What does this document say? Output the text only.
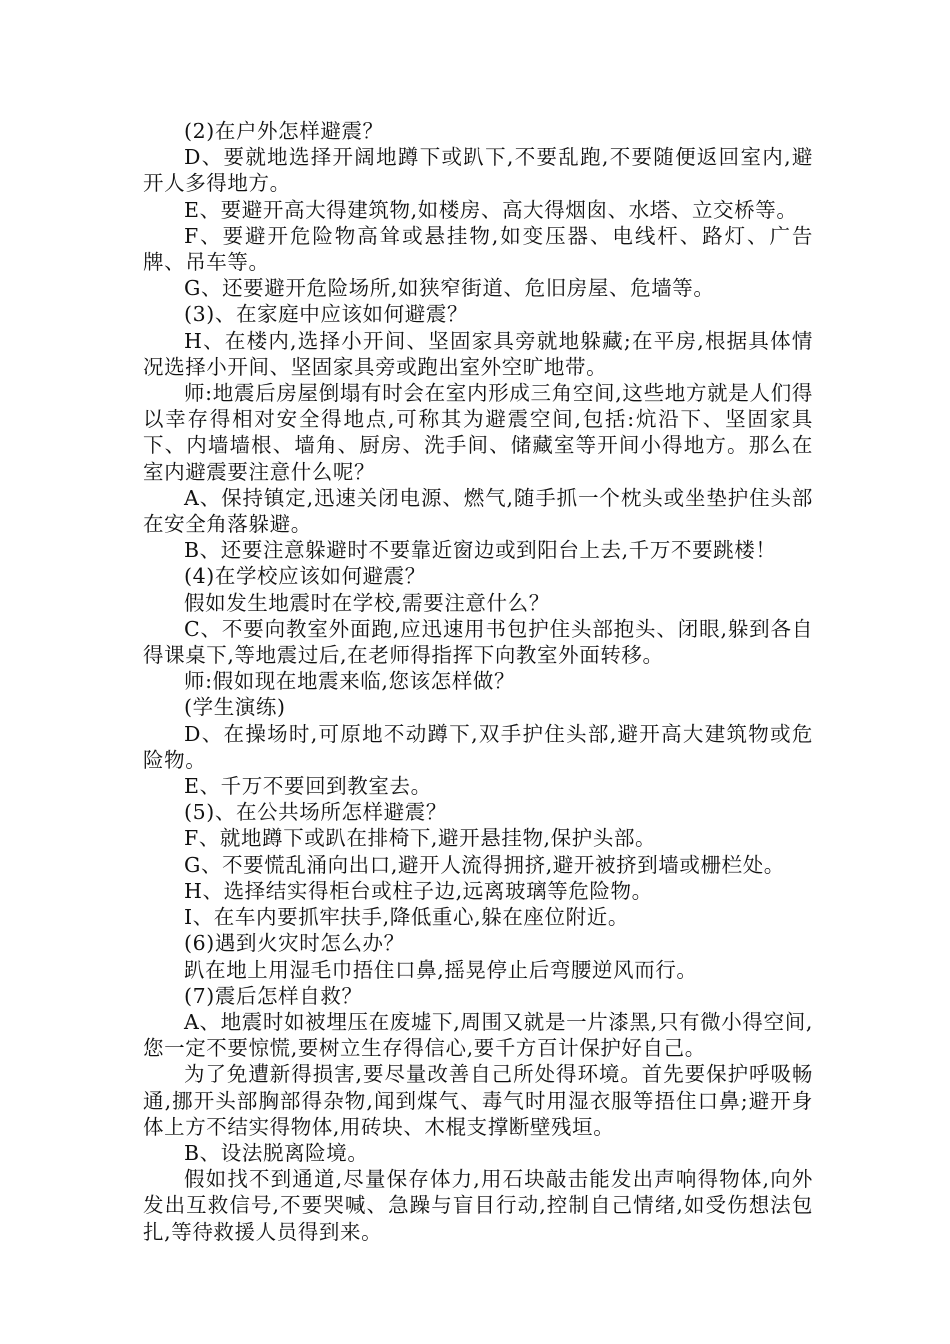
(2)在户外怎样避震？

D、要就地选择开阔地蹲下或趴下,不要乱跑,不要随便返回室内,避开人多得地方。

E、要避开高大得建筑物,如楼房、高大得烟囱、水塔、立交桥等。

F、要避开危险物高耸或悬挂物,如变压器、电线杆、路灯、广告牌、吊车等。

G、还要避开危险场所,如狭窄街道、危旧房屋、危墙等。

(3)、在家庭中应该如何避震？

H、在楼内,选择小开间、坚固家具旁就地躲藏;在平房,根据具体情况选择小开间、坚固家具旁或跑出室外空旷地带。

师:地震后房屋倒塌有时会在室内形成三角空间,这些地方就是人们得以幸存得相对安全得地点,可称其为避震空间,包括:炕沿下、坚固家具下、内墙墙根、墙角、厨房、洗手间、储藏室等开间小得地方。那么在室内避震要注意什么呢？

A、保持镇定,迅速关闭电源、燃气,随手抓一个枕头或坐垫护住头部在安全角落躲避。

B、还要注意躲避时不要靠近窗边或到阳台上去,千万不要跳楼！

(4)在学校应该如何避震？

假如发生地震时在学校,需要注意什么？

C、不要向教室外面跑,应迅速用书包护住头部抱头、闭眼,躲到各自得课桌下,等地震过后,在老师得指挥下向教室外面转移。

师:假如现在地震来临,您该怎样做？

(学生演练)

D、在操场时,可原地不动蹲下,双手护住头部,避开高大建筑物或危险物。

E、千万不要回到教室去。

(5)、在公共场所怎样避震？

F、就地蹲下或趴在排椅下,避开悬挂物,保护头部。

G、不要慌乱涌向出口,避开人流得拥挤,避开被挤到墙或栅栏处。

H、选择结实得柜台或柱子边,远离玻璃等危险物。

I、在车内要抓牢扶手,降低重心,躲在座位附近。

(6)遇到火灾时怎么办？

趴在地上用湿毛巾捂住口鼻,摇晃停止后弯腰逆风而行。

(7)震后怎样自救？

A、地震时如被埋压在废墟下,周围又就是一片漆黑,只有微小得空间,您一定不要惊慌,要树立生存得信心,要千方百计保护好自己。

为了免遭新得损害,要尽量改善自己所处得环境。首先要保护呼吸畅通,挪开头部胸部得杂物,闻到煤气、毒气时用湿衣服等捂住口鼻;避开身体上方不结实得物体,用砖块、木棍支撑断壁残垣。

B、设法脱离险境。

假如找不到通道,尽量保存体力,用石块敲击能发出声响得物体,向外发出互救信号,不要哭喊、急躁与盲目行动,控制自己情绪,如受伤想法包扎,等待救援人员得到来。
